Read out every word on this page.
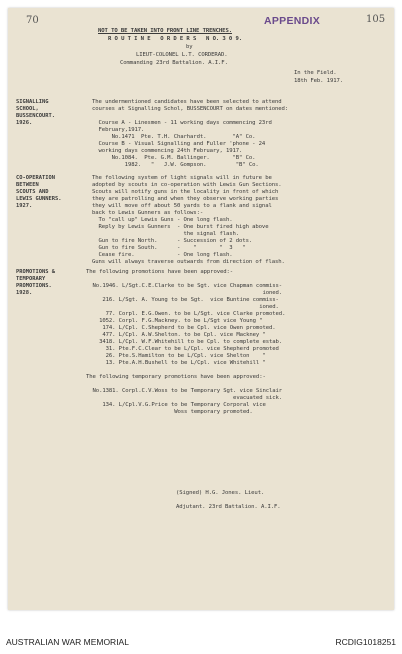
70	APPENDIX	105
NOT TO BE TAKEN INTO FRONT LINE TRENCHES.
R O U T I N E   O R D E R S   N O. 3 0 9.
by
LIEUT-COLONEL L.T. CORDERAD.
Commanding 23rd Battalion. A.I.F.
In the Field.
18th Feb. 1917.
SIGNALLING
SCHOOL,
BUSSENCOURT.
1926.
The undermentioned candidates have been selected to attend
courses at Signalling Schol, BUSSENCOURT on dates mentioned:

Course A - Linesmen - 11 working days commencing 23rd
February,1917.
No.1471  Pte. T.H. Charhardt.        "A" Co.
Course B - Visual Signalling and Fuller 'phone - 24
working days commencing 24th February, 1917.
No.1084.  Pte. G.M. Ballinger.       "B" Co.
1982.   "   J.W. Gompson.         "B" Co.
CO-OPERATION
BETWEEN
SCOUTS AND
LEWIS GUNNERS.
1927.
The following system of light signals will in future be
adopted by scouts in co-operation with Lewis Gun Sections.
Scouts will notify guns in the locality in front of which
they are patrolling and when they observe working parties
they will move off about 50 yards to a flank and signal
back to Lewis Gunners as follows:-
To "call up" Lewis Guns - One long flash.
Reply by Lewis Gunners  - One burst fired high above
the signal flash.
Gun to fire North.      - Succession of 2 dots.
Gun to fire South.      -    "       "  3   "
Cease fire.             - One long flash.
Guns will always traverse outwards from direction of flash.
PROMOTIONS &
TEMPORARY
PROMOTIONS.
1928.
The following promotions have been approved:-

No.1946. L/Sgt.C.E.Clarke to be Sgt. vice Chapman commiss-
ioned.
216. L/Sgt. A. Young to be Sgt.  vice Buntine commiss-
ioned.
77. Corpl. E.G.Owen. to be L/Sgt. vice Clarke promoted.
1052. Corpl. F.G.Mackney. to be L/Sgt vice Young "
174. L/Cpl. C.Shepherd to be Cpl. vice Owen promoted.
477. L/Cpl. A.W.Shelton. to be Cpl. vice Mackney "
3418. L/Cpl. W.F.Whitehill to be Cpl. to complete estab.
31. Pte.F.C.Clear to be L/Cpl. vice Shepherd promoted
26. Pte.S.Hamilton to be L/Cpl. vice Shelton    "
13. Pte.A.H.Bushell to be L/Cpl. vice Whitehill "

The following temporary promotions have been approved:-

No.1381. Corpl.C.V.Woss to be Temporary Sgt. vice Sinclair
evacuated sick.
134. L/Cpl.V.G.Price to be Temporary Corporal vice
Woss temporary promoted.
(Signed) H.G. Jones. Lieut.
Adjutant. 23rd Battalion. A.I.F.
AUSTRALIAN WAR MEMORIAL	RCDIG1018251
